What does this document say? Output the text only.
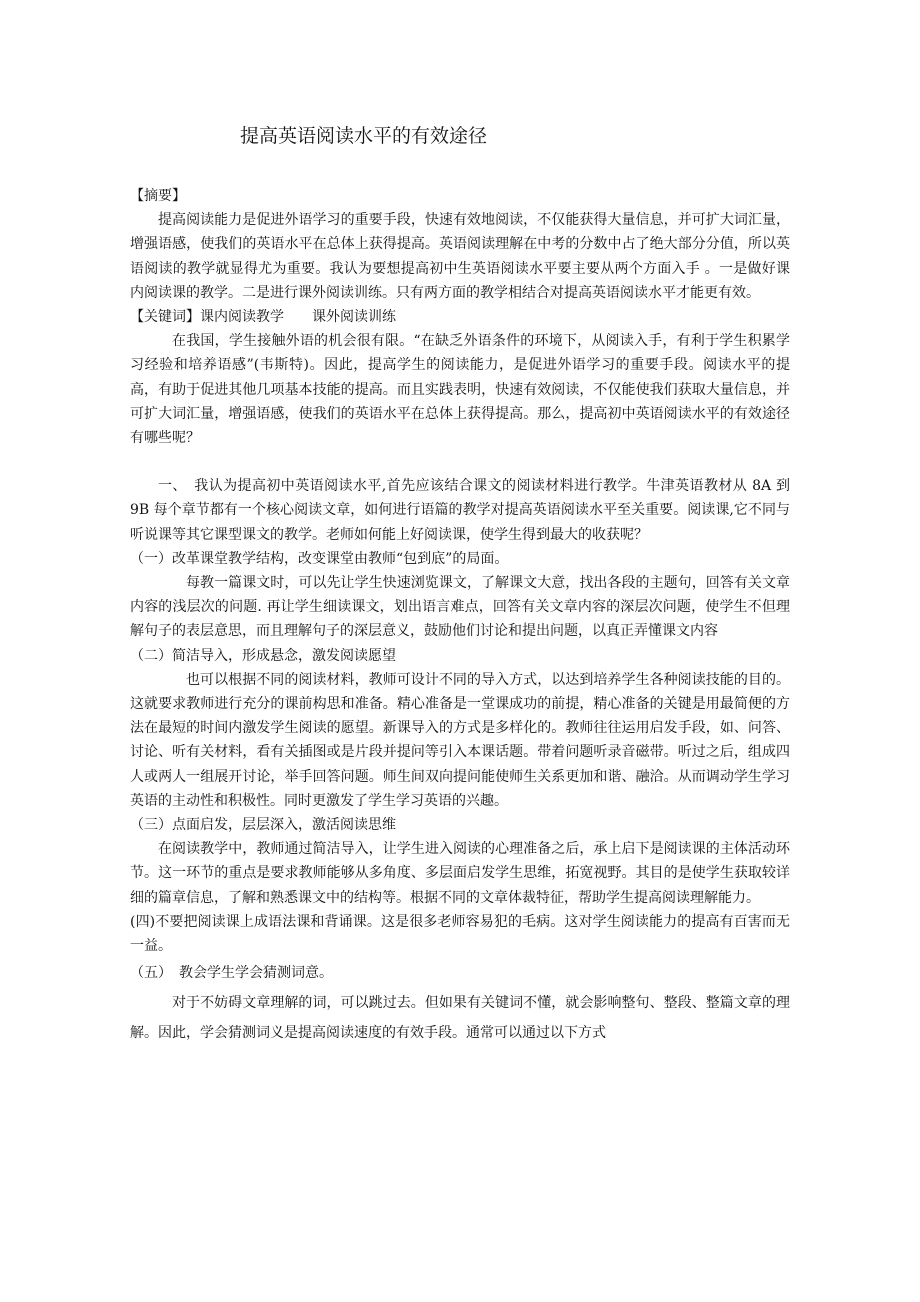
提高英语阅读水平的有效途径

【摘要】

提高阅读能力是促进外语学习的重要手段，快速有效地阅读，不仅能获得大量信息，并可扩大词汇量，增强语感，使我们的英语水平在总体上获得提高。英语阅读理解在中考的分数中占了绝大部分分值，所以英语阅读的教学就显得尤为重要。我认为要想提高初中生英语阅读水平要主要从两个方面入手 。一是做好课内阅读课的教学。二是进行课外阅读训练。只有两方面的教学相结合对提高英语阅读水平才能更有效。

【关键词】课内阅读教学　　课外阅读训练

在我国，学生接触外语的机会很有限。“在缺乏外语条件的环境下，从阅读入手，有利于学生积累学习经验和培养语感”(韦斯特)。因此，提高学生的阅读能力，是促进外语学习的重要手段。阅读水平的提高，有助于促进其他几项基本技能的提高。而且实践表明，快速有效阅读，不仅能使我们获取大量信息，并可扩大词汇量，增强语感，使我们的英语水平在总体上获得提高。那么，提高初中英语阅读水平的有效途径有哪些呢？

一、　我认为提高初中英语阅读水平,首先应该结合课文的阅读材料进行教学。牛津英语教材从 8A 到 9B 每个章节都有一个核心阅读文章，如何进行语篇的教学对提高英语阅读水平至关重要。阅读课,它不同与听说课等其它课型课文的教学。老师如何能上好阅读课，使学生得到最大的收获呢？

（一）改革课堂教学结构，改变课堂由教师“包到底”的局面。

每教一篇课文时，可以先让学生快速浏览课文，了解课文大意，找出各段的主题句，回答有关文章内容的浅层次的问题. 再让学生细读课文，划出语言难点，回答有关文章内容的深层次问题，使学生不但理解句子的表层意思，而且理解句子的深层意义，鼓励他们讨论和提出问题，以真正弄懂课文内容

（二）简洁导入，形成悬念，激发阅读愿望

也可以根据不同的阅读材料，教师可设计不同的导入方式，以达到培养学生各种阅读技能的目的。这就要求教师进行充分的课前构思和准备。精心准备是一堂课成功的前提，精心准备的关键是用最简便的方法在最短的时间内激发学生阅读的愿望。新课导入的方式是多样化的。教师往往运用启发手段，如、问答、讨论、听有关材料，看有关插图或是片段并提问等引入本课话题。带着问题听录音磁带。听过之后，组成四人或两人一组展开讨论，举手回答问题。师生间双向提问能使师生关系更加和谐、融洽。从而调动学生学习英语的主动性和积极性。同时更激发了学生学习英语的兴趣。

（三）点面启发，层层深入，激活阅读思维

在阅读教学中，教师通过简洁导入，让学生进入阅读的心理准备之后，承上启下是阅读课的主体活动环节。这一环节的重点是要求教师能够从多角度、多层面启发学生思维，拓宽视野。其目的是使学生获取较详细的篇章信息，了解和熟悉课文中的结构等。根据不同的文章体裁特征，帮助学生提高阅读理解能力。

(四)不要把阅读课上成语法课和背诵课。这是很多老师容易犯的毛病。这对学生阅读能力的提高有百害而无一益。

（五）　教会学生学会猜测词意。

对于不妨碍文章理解的词，可以跳过去。但如果有关键词不懂，就会影响整句、整段、整篇文章的理解。因此，学会猜测词义是提高阅读速度的有效手段。通常可以通过以下方式
